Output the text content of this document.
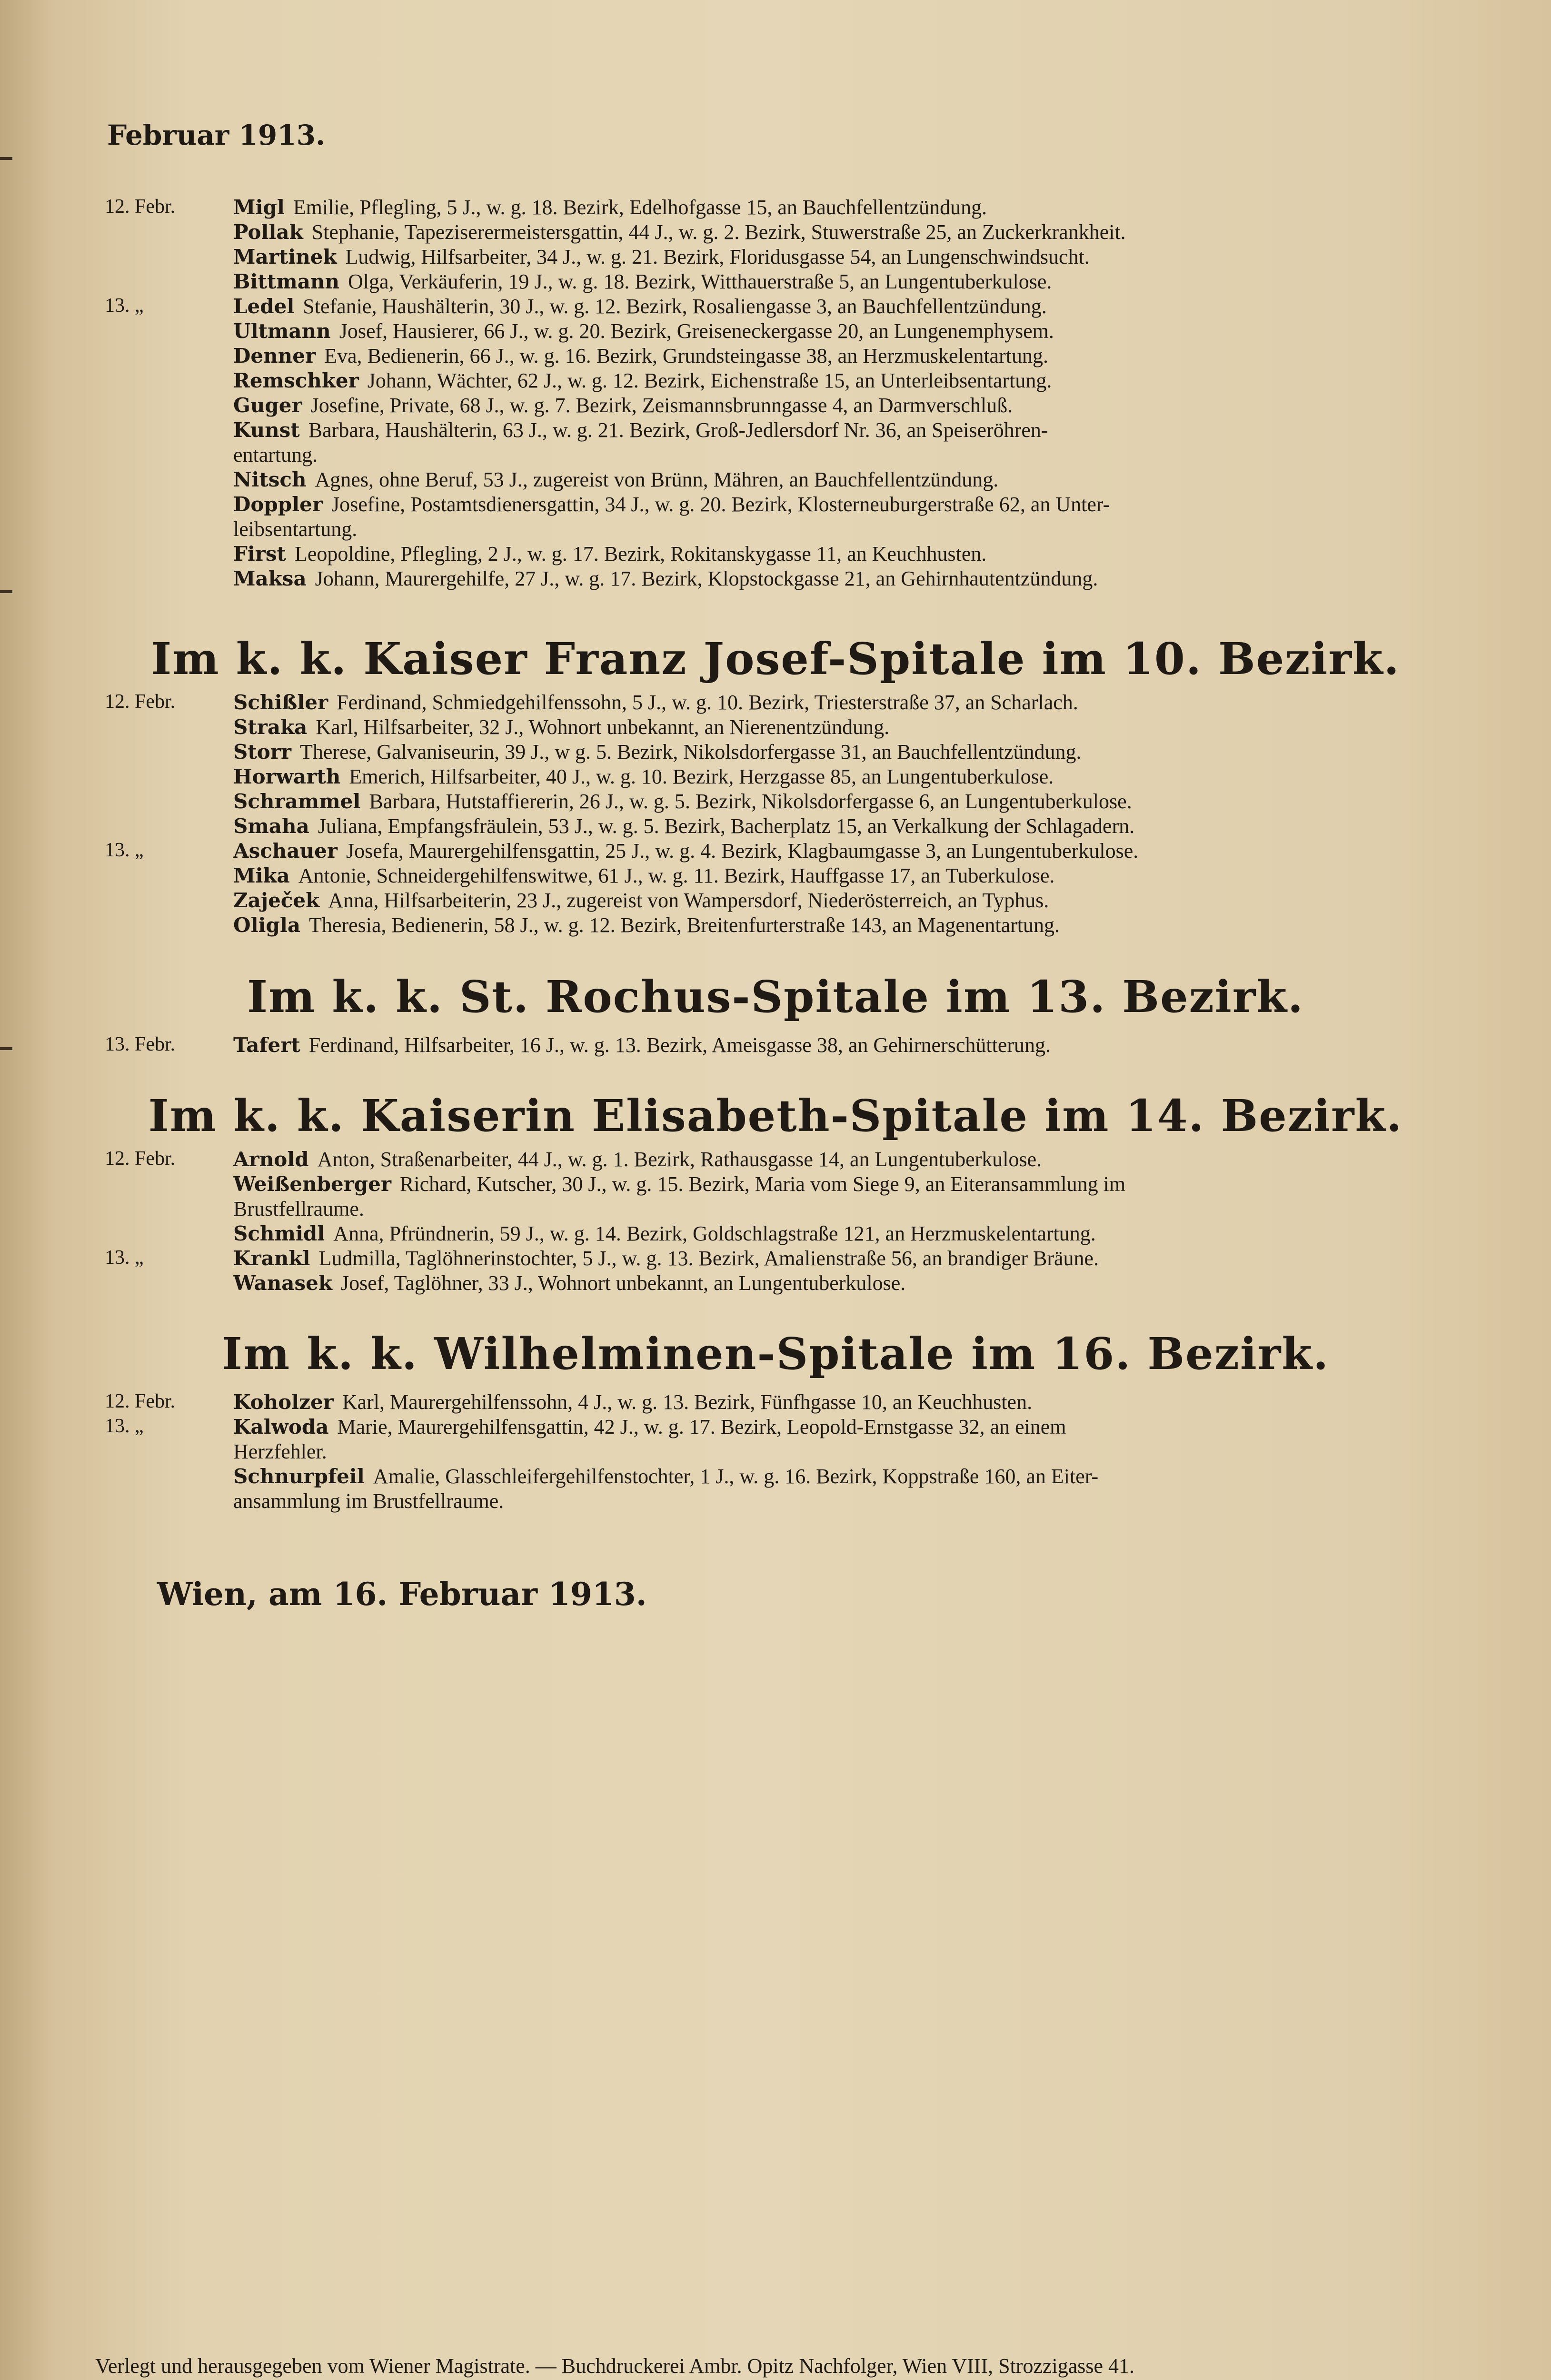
Februar 1913.
Im k. k. Kaiser Franz Josef-Spitale im 10. Bezirk.
Im k. k. St. Rochus-Spitale im 13. Bezirk.
Im k. k. Kaiserin Elisabeth-Spitale im 14. Bezirk.
Im k. k. Wilhelminen-Spitale im 16. Bezirk.
12. Febr.	Migl Emilie, Pflegling, 5 J., w. g. 18. Bezirk, Edelhofgasse 15, an Bauchfellentzündung.
Pollak Stephanie, Tapeziserermeistersgattin, 44 J., w. g. 2. Bezirk, Stuwerstraße 25, an Zuckerkrankheit.
Martinek Ludwig, Hilfsarbeiter, 34 J., w. g. 21. Bezirk, Floridusgasse 54, an Lungenschwindsucht.
Bittmann Olga, Verkäuferin, 19 J., w. g. 18. Bezirk, Witthauerstraße 5, an Lungentuberkulose.
13. „	Ledel Stefanie, Haushälterin, 30 J., w. g. 12. Bezirk, Rosaliengasse 3, an Bauchfellentzündung.
Ultmann Josef, Hausierer, 66 J., w. g. 20. Bezirk, Greiseneckergasse 20, an Lungenemphysem.
Denner Eva, Bedienerin, 66 J., w. g. 16. Bezirk, Grundsteingasse 38, an Herzmuskelentartung.
Remschker Johann, Wächter, 62 J., w. g. 12. Bezirk, Eichenstraße 15, an Unterleibsentartung.
Guger Josefine, Private, 68 J., w. g. 7. Bezirk, Zeismannsbrunngasse 4, an Darmverschluß.
Kunst Barbara, Haushälterin, 63 J., w. g. 21. Bezirk, Groß-Jedlersdorf Nr. 36, an Speiseröhren-
entartung.
Nitsch Agnes, ohne Beruf, 53 J., zugereist von Brünn, Mähren, an Bauchfellentzündung.
Doppler Josefine, Postamtsdienersgattin, 34 J., w. g. 20. Bezirk, Klosterneuburgerstraße 62, an Unter-
leibsentartung.
First Leopoldine, Pflegling, 2 J., w. g. 17. Bezirk, Rokitanskygasse 11, an Keuchhusten.
Maksa Johann, Maurergehilfe, 27 J., w. g. 17. Bezirk, Klopstockgasse 21, an Gehirnhautentzündung.
12. Febr.	Schißler Ferdinand, Schmiedgehilfenssohn, 5 J., w. g. 10. Bezirk, Triesterstraße 37, an Scharlach.
Straka Karl, Hilfsarbeiter, 32 J., Wohnort unbekannt, an Nierenentzündung.
Storr Therese, Galvaniseurin, 39 J., w g. 5. Bezirk, Nikolsdorfergasse 31, an Bauchfellentzündung.
Horwarth Emerich, Hilfsarbeiter, 40 J., w. g. 10. Bezirk, Herzgasse 85, an Lungentuberkulose.
Schrammel Barbara, Hutstaffiererin, 26 J., w. g. 5. Bezirk, Nikolsdorfergasse 6, an Lungentuberkulose.
Smaha Juliana, Empfangsfräulein, 53 J., w. g. 5. Bezirk, Bacherplatz 15, an Verkalkung der Schlagadern.
13. „	Aschauer Josefa, Maurergehilfensgattin, 25 J., w. g. 4. Bezirk, Klagbaumgasse 3, an Lungentuberkulose.
Mika Antonie, Schneidergehilfenswitwe, 61 J., w. g. 11. Bezirk, Hauffgasse 17, an Tuberkulose.
Zaječek Anna, Hilfsarbeiterin, 23 J., zugereist von Wampersdorf, Niederösterreich, an Typhus.
Oligla Theresia, Bedienerin, 58 J., w. g. 12. Bezirk, Breitenfurterstraße 143, an Magenentartung.
13. Febr.	Tafert Ferdinand, Hilfsarbeiter, 16 J., w. g. 13. Bezirk, Ameisgasse 38, an Gehirnerschütterung.
12. Febr.	Arnold Anton, Straßenarbeiter, 44 J., w. g. 1. Bezirk, Rathausgasse 14, an Lungentuberkulose.
Weißenberger Richard, Kutscher, 30 J., w. g. 15. Bezirk, Maria vom Siege 9, an Eiteransammlung im
Brustfellraume.
Schmidl Anna, Pfründnerin, 59 J., w. g. 14. Bezirk, Goldschlagstraße 121, an Herzmuskelentartung.
13. „	Krankl Ludmilla, Taglöhnerinstochter, 5 J., w. g. 13. Bezirk, Amalienstraße 56, an brandiger Bräune.
Wanasek Josef, Taglöhner, 33 J., Wohnort unbekannt, an Lungentuberkulose.
12. Febr.	Koholzer Karl, Maurergehilfenssohn, 4 J., w. g. 13. Bezirk, Fünfhgasse 10, an Keuchhusten.
13. „	Kalwoda Marie, Maurergehilfensgattin, 42 J., w. g. 17. Bezirk, Leopold-Ernstgasse 32, an einem
Herzfehler.
Schnurpfeil Amalie, Glasschleifergehilfenstochter, 1 J., w. g. 16. Bezirk, Koppstraße 160, an Eiter-
ansammlung im Brustfellraume.
Wien, am 16. Februar 1913.
Verlegt und herausgegeben vom Wiener Magistrate. — Buchdruckerei Ambr. Opitz Nachfolger, Wien VIII, Strozzigasse 41.
